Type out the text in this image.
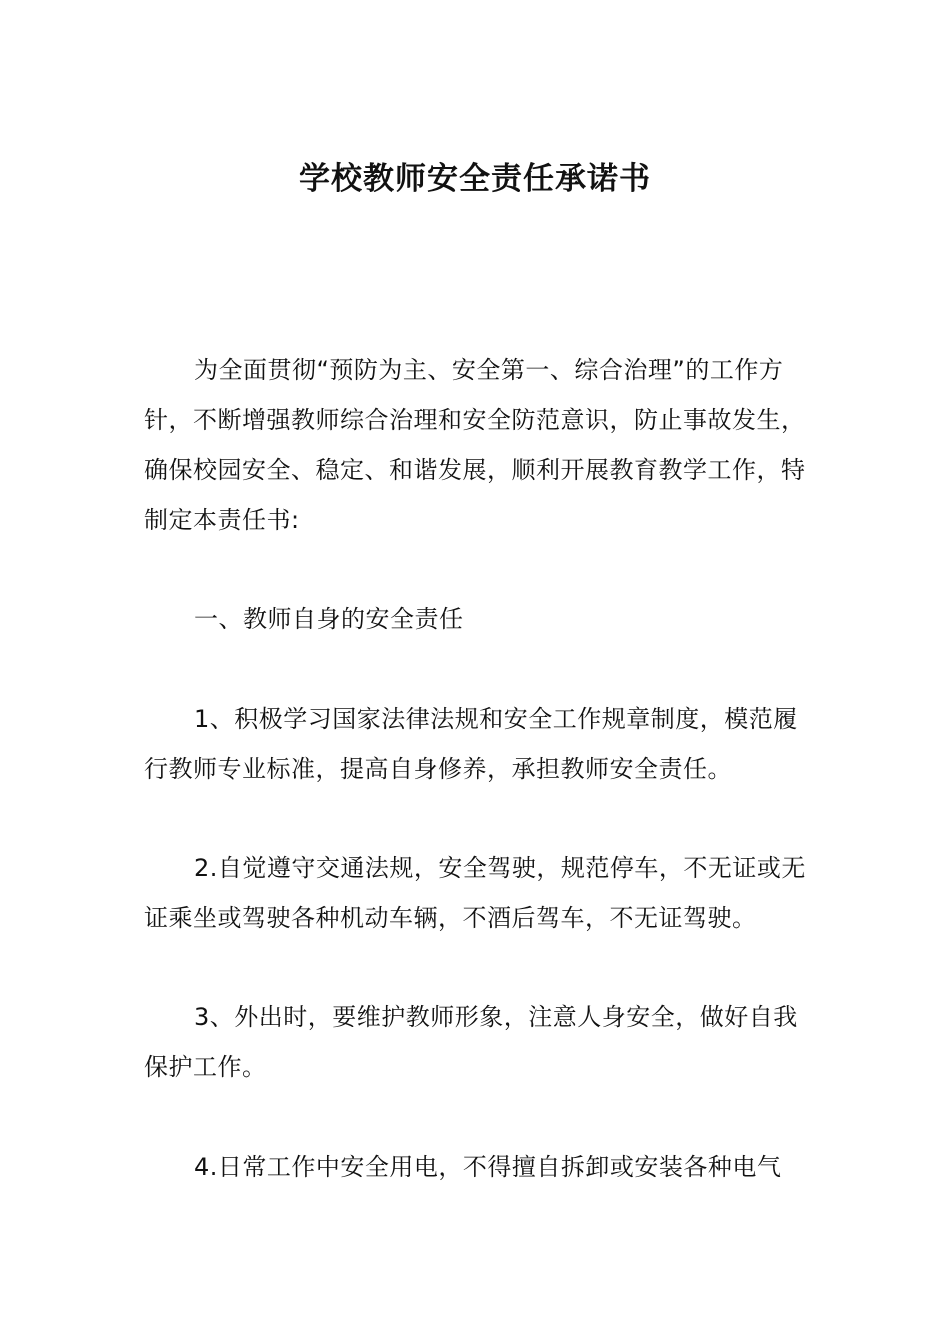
学校教师安全责任承诺书

为全面贯彻“预防为主、安全第一、综合治理”的工作方针，不断增强教师综合治理和安全防范意识，防止事故发生，确保校园安全、稳定、和谐发展，顺利开展教育教学工作，特制定本责任书:

一、教师自身的安全责任

1、积极学习国家法律法规和安全工作规章制度，模范履行教师专业标准，提高自身修养，承担教师安全责任。

2.自觉遵守交通法规，安全驾驶，规范停车，不无证或无证乘坐或驾驶各种机动车辆，不酒后驾车，不无证驾驶。

3、外出时，要维护教师形象，注意人身安全，做好自我保护工作。

4.日常工作中安全用电，不得擅自拆卸或安装各种电气
